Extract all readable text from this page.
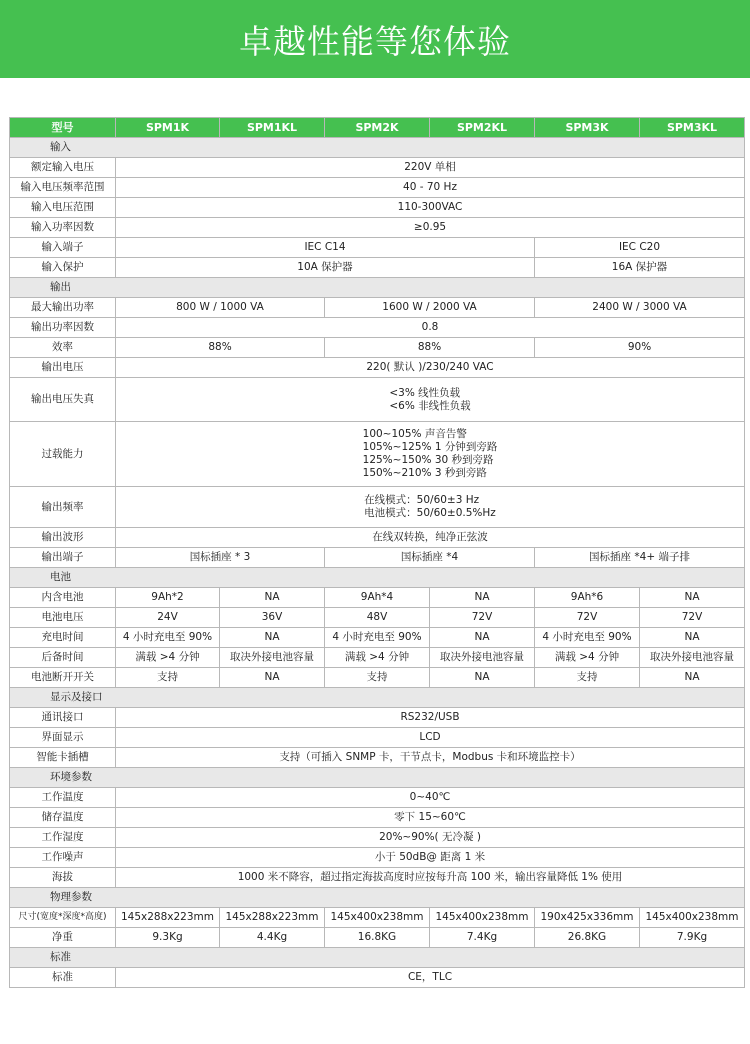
卓越性能等您体验
型号	SPM1K	SPM1KL	SPM2K	SPM2KL	SPM3K	SPM3KL
输入						
额定输入电压	220V 单相					
输入电压频率范围	40 - 70 Hz					
输入电压范围	110-300VAC					
输入功率因数	≥0.95					
输入端子	IEC C14				IEC C20	
输入保护	10A 保护器				16A 保护器	
输出						
最大输出功率	800 W / 1000 VA		1600 W / 2000 VA		2400 W / 3000 VA	
输出功率因数	0.8					
效率	88%		88%		90%	
输出电压	220( 默认 )/230/240 VAC					
输出电压失真	<3% 线性负载
<6% 非线性负载					

过载能力	100~105% 声音告警
105%~125% 1 分钟到旁路
125%~150% 30 秒到旁路
150%~210% 3 秒到旁路					

输出频率	在线模式：50/60±3 Hz
电池模式：50/60±0.5%Hz					

输出波形	在线双转换，纯净正弦波					
输出端子	国标插座 * 3		国标插座 *4		国标插座 *4+ 端子排	
电池						
内含电池	9Ah*2	NA	9Ah*4	NA	9Ah*6	NA
电池电压	24V	36V	48V	72V	72V	72V
充电时间	4 小时充电至 90%	NA	4 小时充电至 90%	NA	4 小时充电至 90%	NA
后备时间	满载 >4 分钟	取决外接电池容量	满载 >4 分钟	取决外接电池容量	满载 >4 分钟	取决外接电池容量
电池断开开关	支持	NA	支持	NA	支持	NA
显示及接口						
通讯接口	RS232/USB					
界面显示	LCD					
智能卡插槽	支持（可插入 SNMP 卡，干节点卡，Modbus 卡和环境监控卡）					
环境参数						
工作温度	0~40℃					
储存温度	零下 15~60℃					
工作湿度	20%~90%( 无冷凝 )					
工作噪声	小于 50dB@ 距离 1 米					
海拔	1000 米不降容，超过指定海拔高度时应按每升高 100 米，输出容量降低 1% 使用					
物理参数						
尺寸(宽度*深度*高度)	145x288x223mm	145x288x223mm	145x400x238mm	145x400x238mm	190x425x336mm	145x400x238mm
净重	9.3Kg	4.4Kg	16.8KG	7.4Kg	26.8KG	7.9Kg
标准						
标准	CE，TLC					
